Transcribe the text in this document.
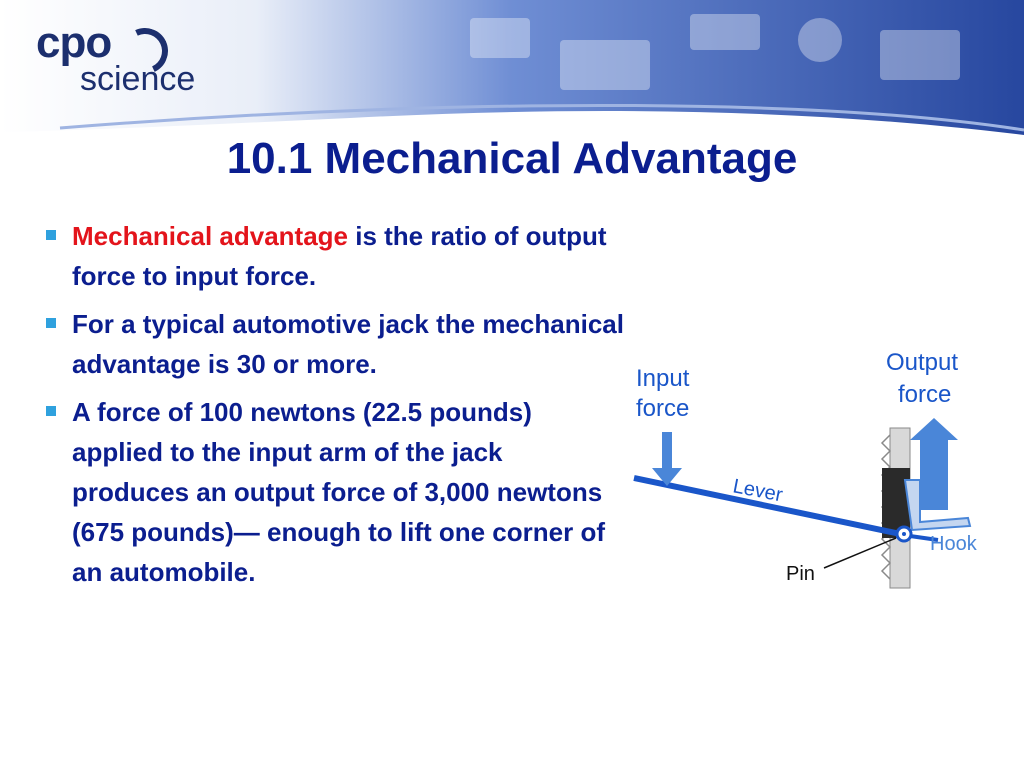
cpo
science
10.1 Mechanical Advantage
Mechanical advantage is the ratio of output force to input force.
For a typical automotive jack the mechanical advantage is 30 or more.
A force of 100 newtons (22.5 pounds) applied to the input arm of the jack produces an output force of 3,000 newtons (675 pounds)— enough to lift one corner of an automobile.
Input
force
Output
force
Lever
Pin
Hook
